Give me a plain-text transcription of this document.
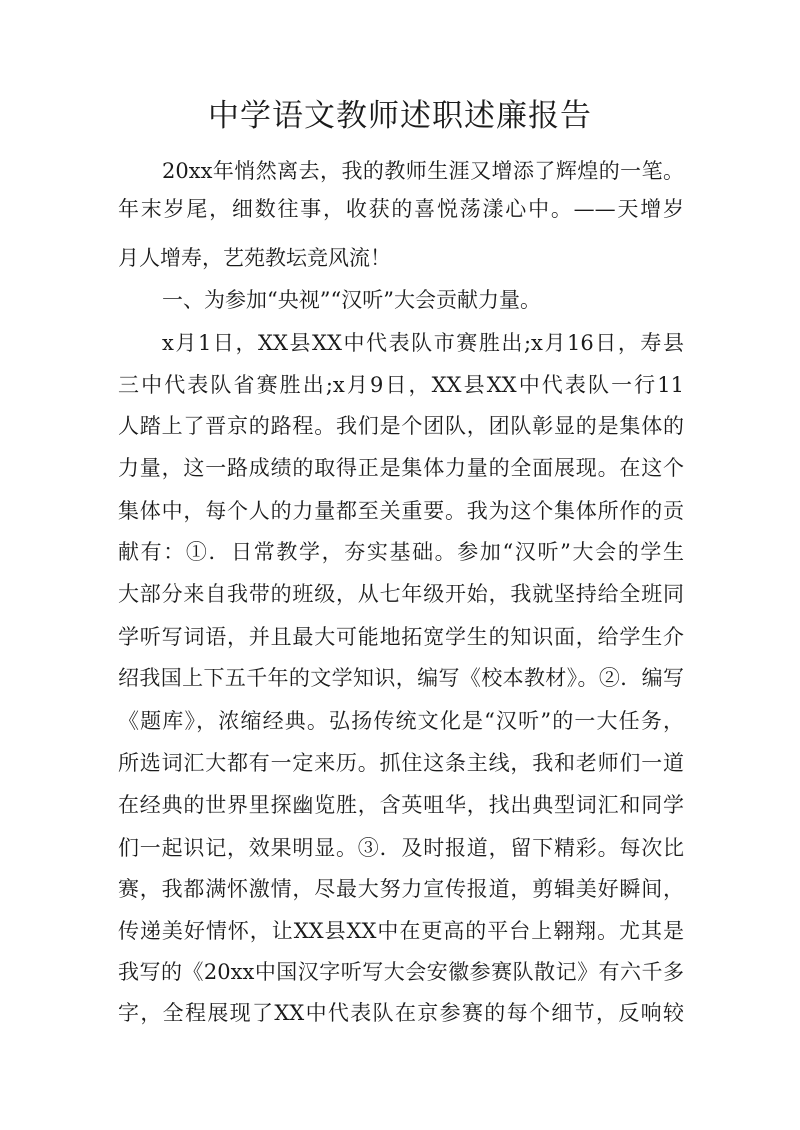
中学语文教师述职述廉报告
20xx年悄然离去，我的教师生涯又增添了辉煌的一笔。
年末岁尾，细数往事，收获的喜悦荡漾心中。——天增岁
月人增寿，艺苑教坛竞风流！
一、为参加“央视”“汉听”大会贡献力量。
x月1日，XX县XX中代表队市赛胜出;x月16日，寿县
三中代表队省赛胜出;x月9日，XX县XX中代表队一行11
人踏上了晋京的路程。我们是个团队，团队彰显的是集体的
力量，这一路成绩的取得正是集体力量的全面展现。在这个
集体中，每个人的力量都至关重要。我为这个集体所作的贡
献有：①．日常教学，夯实基础。参加“汉听”大会的学生
大部分来自我带的班级，从七年级开始，我就坚持给全班同
学听写词语，并且最大可能地拓宽学生的知识面，给学生介
绍我国上下五千年的文学知识，编写《校本教材》。②．编写
《题库》，浓缩经典。弘扬传统文化是“汉听”的一大任务，
所选词汇大都有一定来历。抓住这条主线，我和老师们一道
在经典的世界里探幽览胜，含英咀华，找出典型词汇和同学
们一起识记，效果明显。③．及时报道，留下精彩。每次比
赛，我都满怀激情，尽最大努力宣传报道，剪辑美好瞬间，
传递美好情怀，让XX县XX中在更高的平台上翱翔。尤其是
我写的《20xx中国汉字听写大会安徽参赛队散记》有六千多
字，全程展现了XX中代表队在京参赛的每个细节，反响较
